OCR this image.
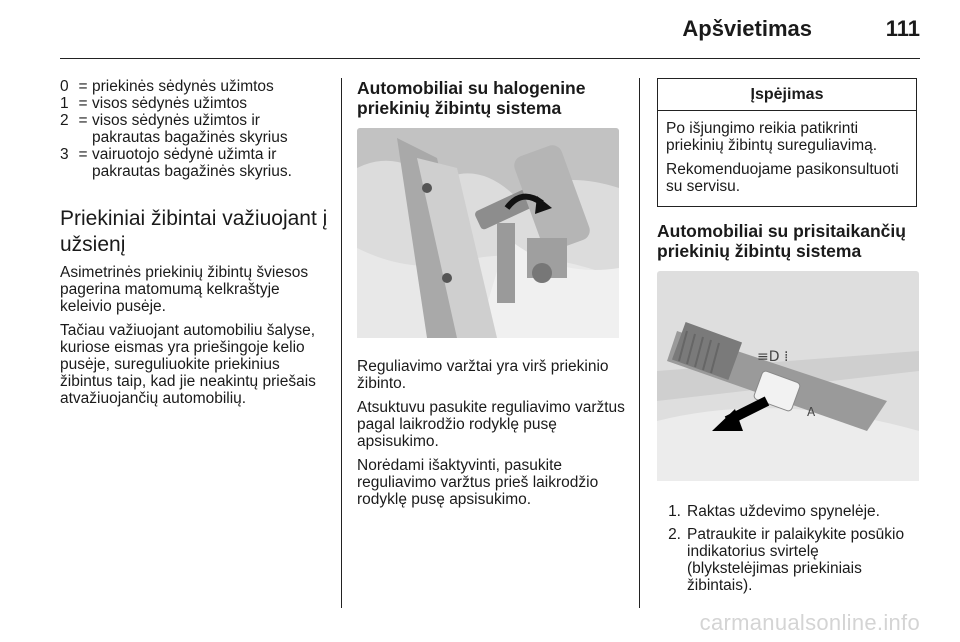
Apšvietimas	111
0 = priekinės sėdynės užimtos
1 = visos sėdynės užimtos
2 = visos sėdynės užimtos ir pakrautas bagažinės skyrius
3 = vairuotojo sėdynė užimta ir pakrautas bagažinės skyrius.
Priekiniai žibintai važiuojant į užsienį

Asimetrinės priekinių žibintų šviesos pagerina matomumą kelkraštyje keleivio pusėje.

Tačiau važiuojant automobiliu šalyse, kuriose eismas yra priešingoje kelio pusėje, sureguliuokite priekinius žibintus taip, kad jie neakintų priešais atvažiuojančių automobilių.

Automobiliai su halogenine priekinių žibintų sistema

Reguliavimo varžtai yra virš priekinio žibinto.

Atsuktuvu pasukite reguliavimo varžtus pagal laikrodžio rodyklę pusę apsisukimo.

Norėdami išaktyvinti, pasukite reguliavimo varžtus prieš laikrodžio rodyklę pusę apsisukimo.

Įspėjimas

Po išjungimo reikia patikrinti priekinių žibintų sureguliavimą.

Rekomenduojame pasikonsultuoti su servisu.

Automobiliai su prisitaikančių priekinių žibintų sistema
≡D ⁞
A
1. Raktas uždevimo spynelėje.
2. Patraukite ir palaikykite posūkio indikatorius svirtelę (blykstelėjimas priekiniais žibintais).
carmanualsonline.info
